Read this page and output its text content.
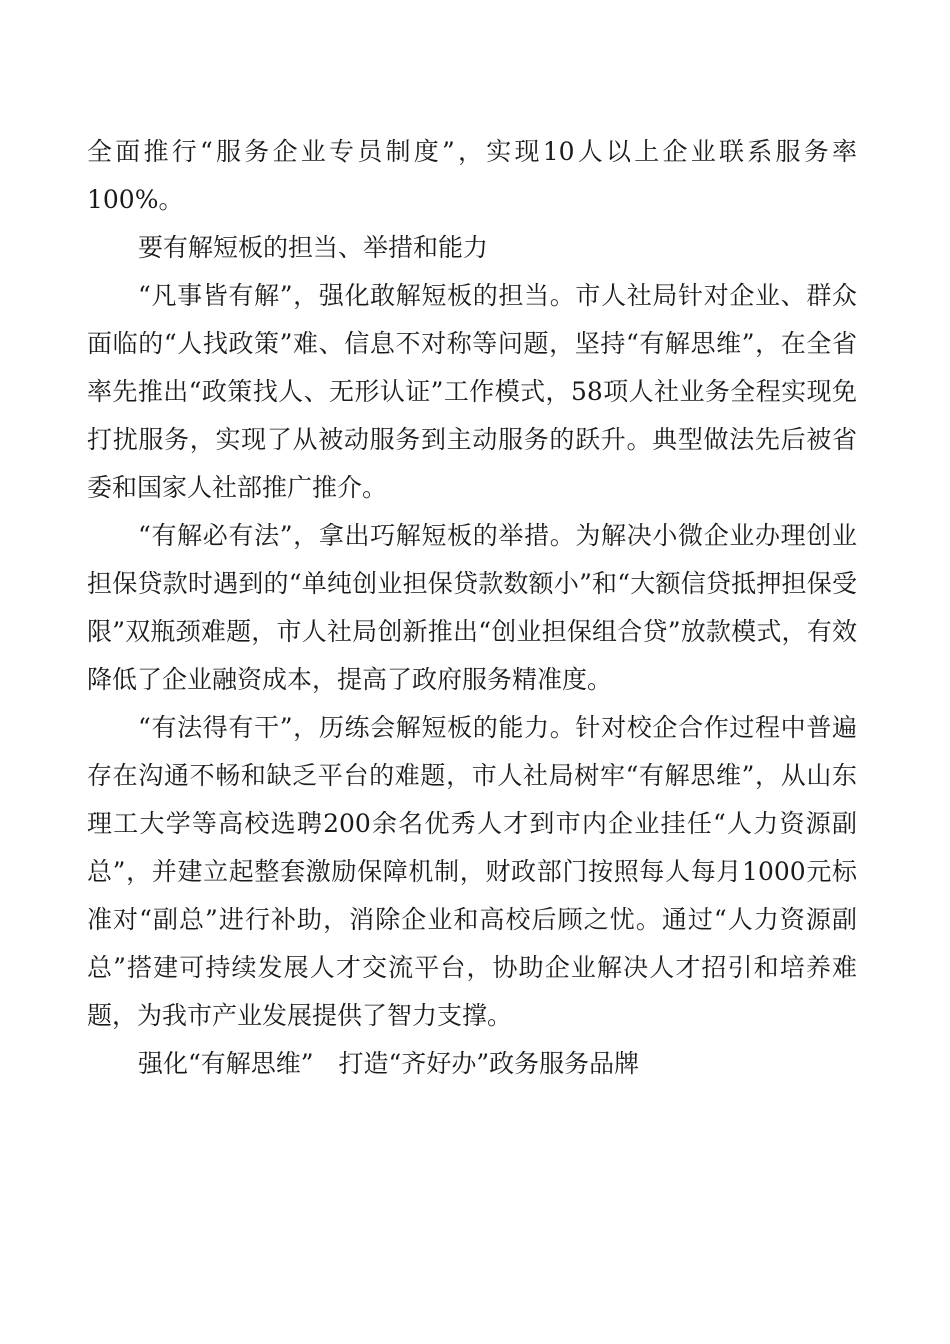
全面推行“服务企业专员制度”，实现10人以上企业联系服务率100%。

要有解短板的担当、举措和能力

“凡事皆有解”，强化敢解短板的担当。市人社局针对企业、群众面临的“人找政策”难、信息不对称等问题，坚持“有解思维”，在全省率先推出“政策找人、无形认证”工作模式，58项人社业务全程实现免打扰服务，实现了从被动服务到主动服务的跃升。典型做法先后被省委和国家人社部推广推介。

“有解必有法”，拿出巧解短板的举措。为解决小微企业办理创业担保贷款时遇到的“单纯创业担保贷款数额小”和“大额信贷抵押担保受限”双瓶颈难题，市人社局创新推出“创业担保组合贷”放款模式，有效降低了企业融资成本，提高了政府服务精准度。

“有法得有干”，历练会解短板的能力。针对校企合作过程中普遍存在沟通不畅和缺乏平台的难题，市人社局树牢“有解思维”，从山东理工大学等高校选聘200余名优秀人才到市内企业挂任“人力资源副总”，并建立起整套激励保障机制，财政部门按照每人每月1000元标准对“副总”进行补助，消除企业和高校后顾之忧。通过“人力资源副总”搭建可持续发展人才交流平台，协助企业解决人才招引和培养难题，为我市产业发展提供了智力支撑。

强化“有解思维”　打造“齐好办”政务服务品牌
